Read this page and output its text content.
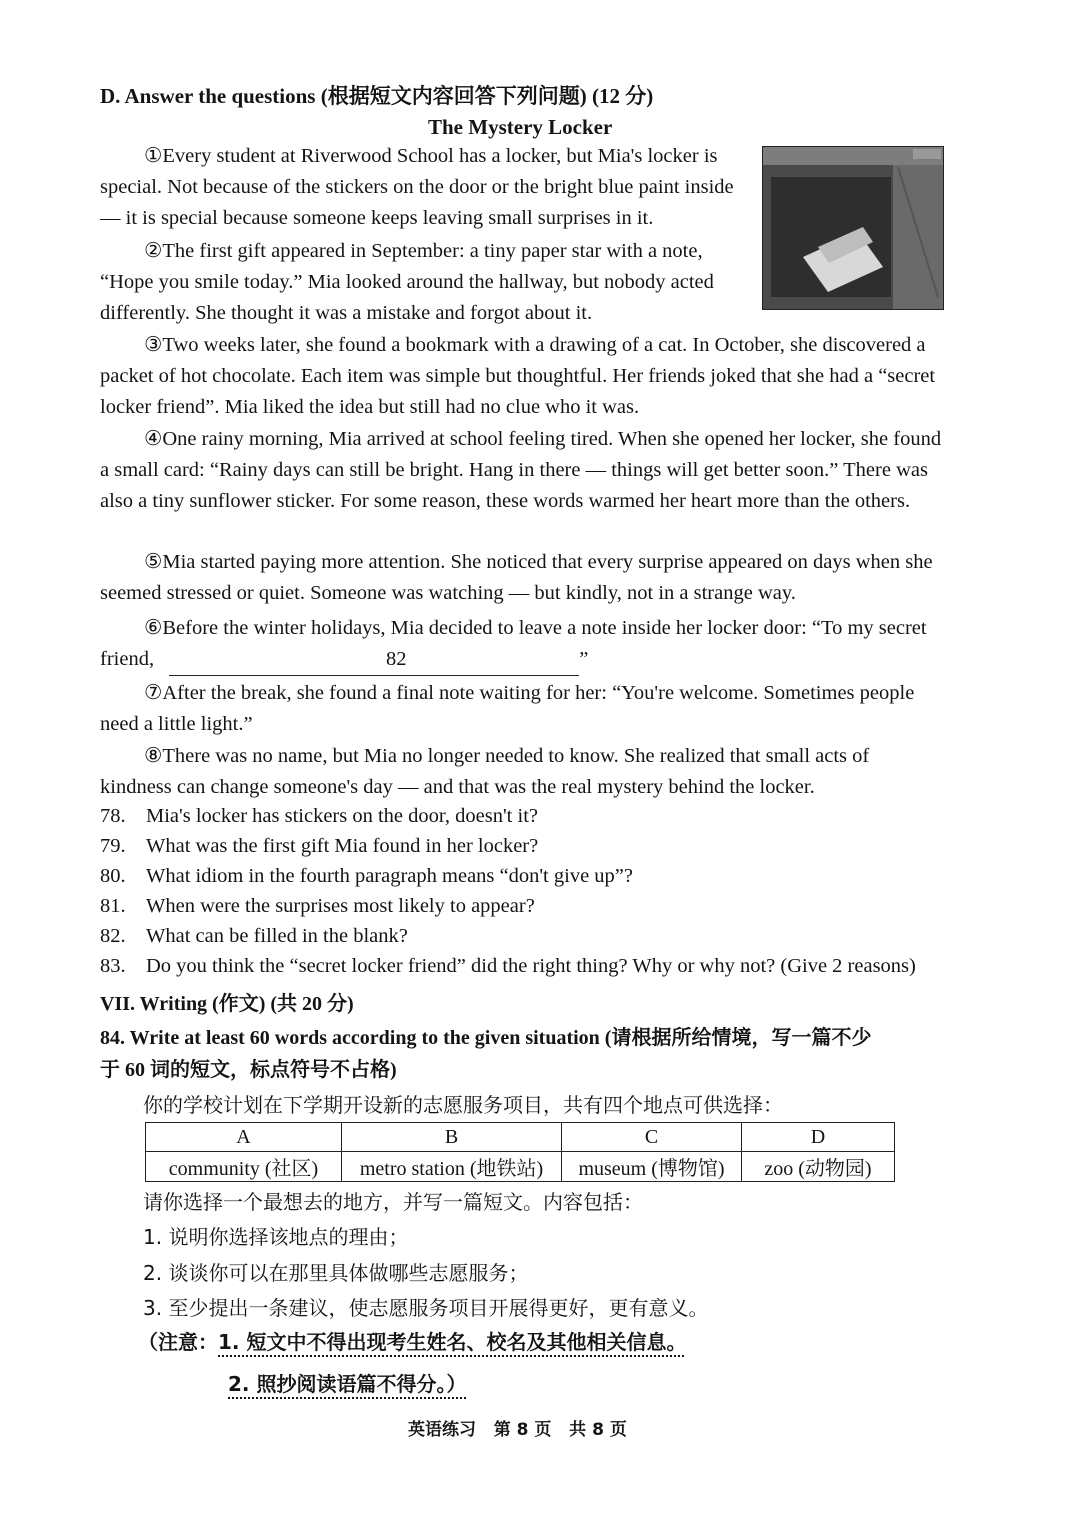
D. Answer the questions (根据短文内容回答下列问题) (12 分)
The Mystery Locker
①Every student at Riverwood School has a locker, but Mia's locker is special. Not because of the stickers on the door or the bright blue paint inside — it is special because someone keeps leaving small surprises in it.
②The first gift appeared in September: a tiny paper star with a note, “Hope you smile today.” Mia looked around the hallway, but nobody acted differently. She thought it was a mistake and forgot about it.
③Two weeks later, she found a bookmark with a drawing of a cat. In October, she discovered a packet of hot chocolate. Each item was simple but thoughtful. Her friends joked that she had a “secret locker friend”. Mia liked the idea but still had no clue who it was.
④One rainy morning, Mia arrived at school feeling tired. When she opened her locker, she found a small card: “Rainy days can still be bright. Hang in there — things will get better soon.” There was also a tiny sunflower sticker. For some reason, these words warmed her heart more than the others.
⑤Mia started paying more attention. She noticed that every surprise appeared on days when she seemed stressed or quiet. Someone was watching — but kindly, not in a strange way.
⑥Before the winter holidays, Mia decided to leave a note inside her locker door: “To my secret friend,	82	”
⑦After the break, she found a final note waiting for her: “You're welcome. Sometimes people need a little light.”
⑧There was no name, but Mia no longer needed to know. She realized that small acts of kindness can change someone's day — and that was the real mystery behind the locker.
78. Mia's locker has stickers on the door, doesn't it?
79. What was the first gift Mia found in her locker?
80. What idiom in the fourth paragraph means “don't give up”?
81. When were the surprises most likely to appear?
82. What can be filled in the blank?
83. Do you think the “secret locker friend” did the right thing? Why or why not? (Give 2 reasons)
VII. Writing (作文) (共 20 分)
84. Write at least 60 words according to the given situation (请根据所给情境，写一篇不少
于 60 词的短文，标点符号不占格)
你的学校计划在下学期开设新的志愿服务项目，共有四个地点可供选择：
A	B	C	D
community (社区)	metro station (地铁站)	museum (博物馆)	zoo (动物园)
请你选择一个最想去的地方，并写一篇短文。内容包括：
1. 说明你选择该地点的理由；
2. 谈谈你可以在那里具体做哪些志愿服务；
3. 至少提出一条建议，使志愿服务项目开展得更好，更有意义。
（注意：1. 短文中不得出现考生姓名、校名及其他相关信息。
2. 照抄阅读语篇不得分。）
英语练习   第 8 页   共 8 页
